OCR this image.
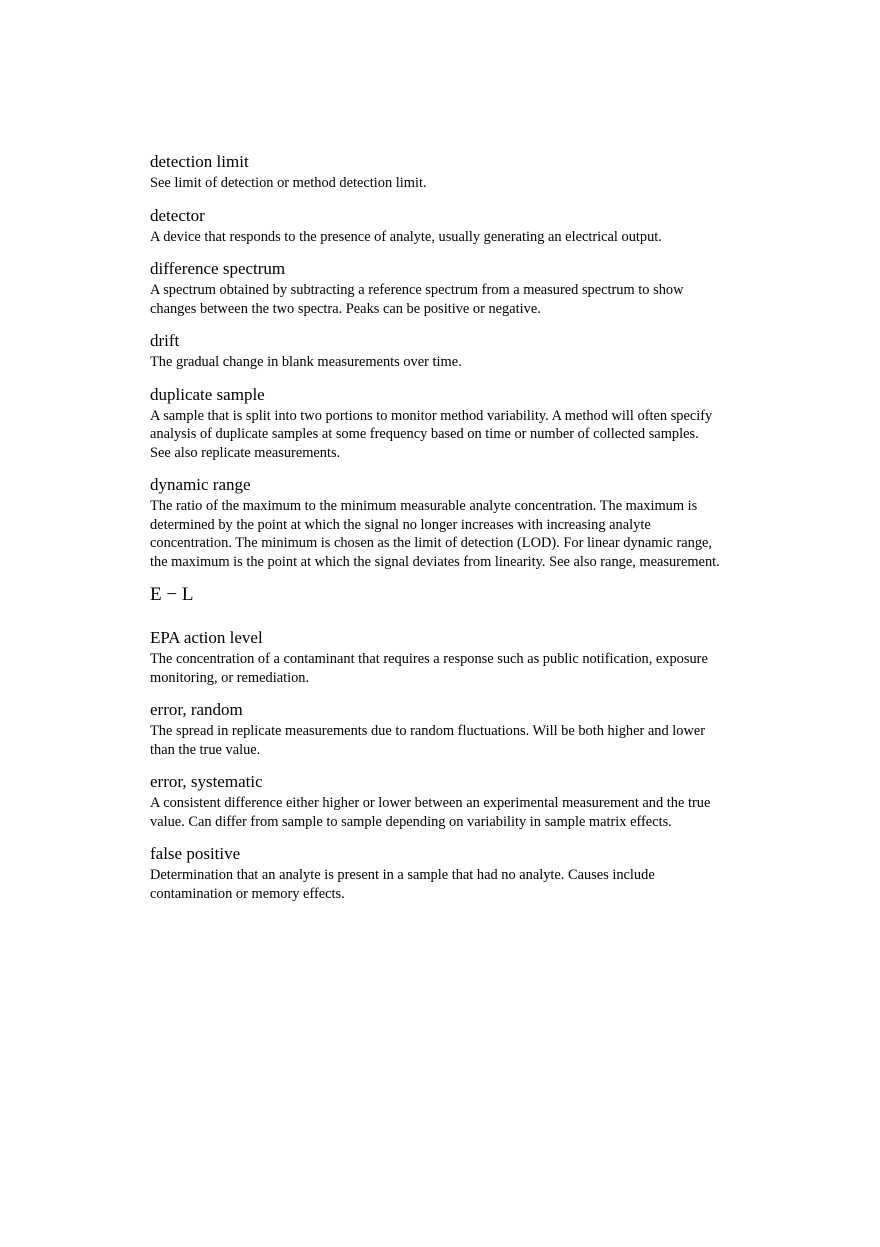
detection limit

See limit of detection or method detection limit.

detector

A device that responds to the presence of analyte, usually generating an electrical output.

difference spectrum

A spectrum obtained by subtracting a reference spectrum from a measured spectrum to show changes between the two spectra. Peaks can be positive or negative.

drift

The gradual change in blank measurements over time.

duplicate sample

A sample that is split into two portions to monitor method variability. A method will often specify analysis of duplicate samples at some frequency based on time or number of collected samples. See also replicate measurements.

dynamic range

The ratio of the maximum to the minimum measurable analyte concentration. The maximum is determined by the point at which the signal no longer increases with increasing analyte concentration. The minimum is chosen as the limit of detection (LOD). For linear dynamic range, the maximum is the point at which the signal deviates from linearity. See also range, measurement.

E − L
EPA action level

The concentration of a contaminant that requires a response such as public notification, exposure monitoring, or remediation.

error, random

The spread in replicate measurements due to random fluctuations. Will be both higher and lower than the true value.

error, systematic

A consistent difference either higher or lower between an experimental measurement and the true value. Can differ from sample to sample depending on variability in sample matrix effects.

false positive

Determination that an analyte is present in a sample that had no analyte. Causes include contamination or memory effects.
